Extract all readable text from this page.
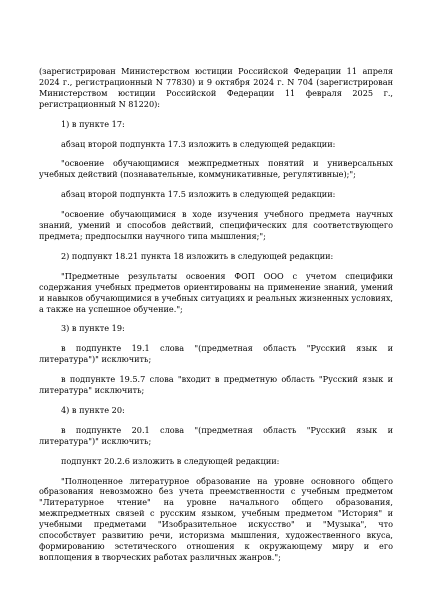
(зарегистрирован Министерством юстиции Российской Федерации 11 апреля 2024 г., регистрационный N 77830) и 9 октября 2024 г. N 704 (зарегистрирован Министерством юстиции Российской Федерации 11 февраля 2025 г., регистрационный N 81220):

1) в пункте 17:

абзац второй подпункта 17.3 изложить в следующей редакции:

"освоение обучающимися межпредметных понятий и универсальных учебных действий (познавательные, коммуникативные, регулятивные);";

абзац второй подпункта 17.5 изложить в следующей редакции:

"освоение обучающимися в ходе изучения учебного предмета научных знаний, умений и способов действий, специфических для соответствующего предмета; предпосылки научного типа мышления;";

2) подпункт 18.21 пункта 18 изложить в следующей редакции:

"Предметные результаты освоения ФОП ООО с учетом специфики содержания учебных предметов ориентированы на применение знаний, умений и навыков обучающимися в учебных ситуациях и реальных жизненных условиях, а также на успешное обучение.";

3) в пункте 19:

в подпункте 19.1 слова "(предметная область "Русский язык и литература")" исключить;

в подпункте 19.5.7 слова "входит в предметную область "Русский язык и литература" исключить;

4) в пункте 20:

в подпункте 20.1 слова "(предметная область "Русский язык и литература")" исключить;

подпункт 20.2.6 изложить в следующей редакции:

"Полноценное литературное образование на уровне основного общего образования невозможно без учета преемственности с учебным предметом "Литературное чтение" на уровне начального общего образования, межпредметных связей с русским языком, учебным предметом "История" и учебными предметами "Изобразительное искусство" и "Музыка", что способствует развитию речи, историзма мышления, художественного вкуса, формированию эстетического отношения к окружающему миру и его воплощения в творческих работах различных жанров.";
